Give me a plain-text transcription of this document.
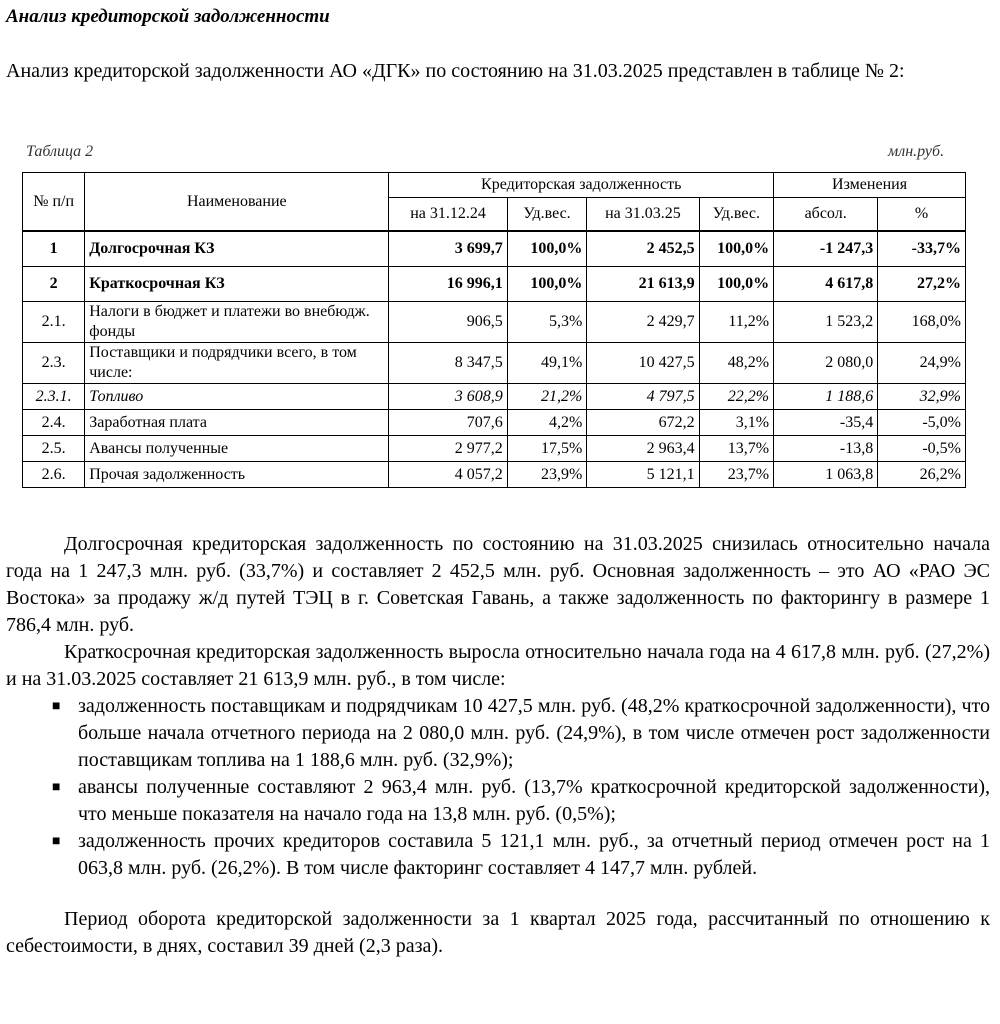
Анализ кредиторской задолженности
Анализ кредиторской задолженности АО «ДГК» по состоянию на 31.03.2025 представлен в таблице № 2:
Таблица 2	млн.руб.
№ п/п	Наименование	Кредиторская задолженность				Изменения	
		на 31.12.24	Уд.вес.	на 31.03.25	Уд.вес.	абсол.	%
1	Долгосрочная КЗ	3 699,7	100,0%	2 452,5	100,0%	-1 247,3	-33,7%
2	Краткосрочная КЗ	16 996,1	100,0%	21 613,9	100,0%	4 617,8	27,2%
2.1.	Налоги в бюджет и платежи во внебюдж. фонды	906,5	5,3%	2 429,7	11,2%	1 523,2	168,0%
2.3.	Поставщики и подрядчики всего, в том числе:	8 347,5	49,1%	10 427,5	48,2%	2 080,0	24,9%
2.3.1.	Топливо	3 608,9	21,2%	4 797,5	22,2%	1 188,6	32,9%
2.4.	Заработная плата	707,6	4,2%	672,2	3,1%	-35,4	-5,0%
2.5.	Авансы полученные	2 977,2	17,5%	2 963,4	13,7%	-13,8	-0,5%
2.6.	Прочая задолженность	4 057,2	23,9%	5 121,1	23,7%	1 063,8	26,2%

Долгосрочная кредиторская задолженность по состоянию на 31.03.2025 снизилась относительно начала года на 1 247,3 млн. руб. (33,7%) и составляет 2 452,5 млн. руб. Основная задолженность – это АО «РАО ЭС Востока» за продажу ж/д путей ТЭЦ в г. Советская Гавань, а также задолженность по факторингу в размере 1 786,4 млн. руб.

Краткосрочная кредиторская задолженность выросла относительно начала года на 4 617,8 млн. руб. (27,2%) и на 31.03.2025 составляет 21 613,9 млн. руб., в том числе:

■ задолженность поставщикам и подрядчикам 10 427,5 млн. руб. (48,2% краткосрочной задолженности), что больше начала отчетного периода на 2 080,0 млн. руб. (24,9%), в том числе отмечен рост задолженности поставщикам топлива на 1 188,6 млн. руб. (32,9%);
■ авансы полученные составляют 2 963,4 млн. руб. (13,7% краткосрочной кредиторской задолженности), что меньше показателя на начало года на 13,8 млн. руб. (0,5%);
■ задолженность прочих кредиторов составила 5 121,1 млн. руб., за отчетный период отмечен рост на 1 063,8 млн. руб. (26,2%). В том числе факторинг составляет 4 147,7 млн. рублей.

Период оборота кредиторской задолженности за 1 квартал 2025 года, рассчитанный по отношению к себестоимости, в днях, составил 39 дней (2,3 раза).
